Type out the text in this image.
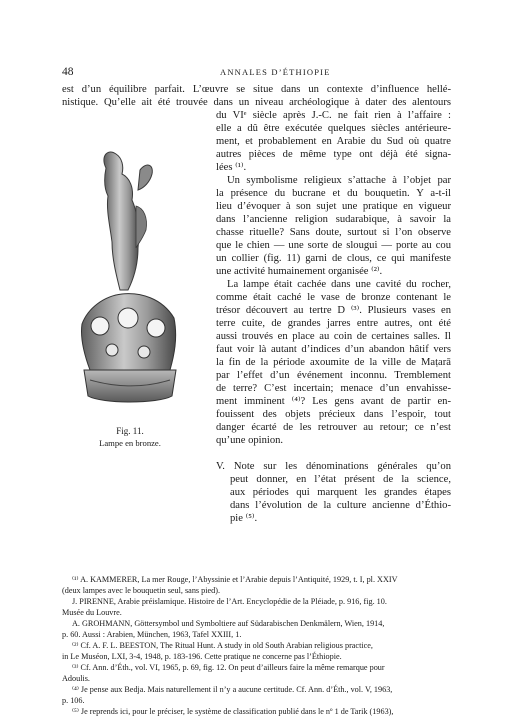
48	ANNALES D’ÉTHIOPIE
est d’un équilibre parfait. L’œuvre se situe dans un contexte d’influence hellé-
nistique. Qu’elle ait été trouvée dans un niveau archéologique à dater des alentours
du VIᵉ siècle après J.-C. ne fait rien à l’affaire :
elle a dû être exécutée quelques siècles antérieure-
ment, et probablement en Arabie du Sud où quatre
autres pièces de même type ont déjà été signa-
lées ⁽¹⁾.
Un symbolisme religieux s’attache à l’objet par
la présence du bucrane et du bouquetin. Y a-t-il
lieu d’évoquer à son sujet une pratique en vigueur
dans l’ancienne religion sudarabique, à savoir la
chasse rituelle? Sans doute, surtout si l’on observe
que le chien — une sorte de slougui — porte au cou
un collier (fig. 11) garni de clous, ce qui manifeste
une activité humainement organisée ⁽²⁾.
La lampe était cachée dans une cavité du rocher,
comme était caché le vase de bronze contenant le
trésor découvert au tertre D ⁽³⁾. Plusieurs vases en
terre cuite, de grandes jarres entre autres, ont été
aussi trouvés en place au coin de certaines salles. Il
faut voir là autant d’indices d’un abandon hâtif vers
la fin de la période axoumite de la ville de Maṭarā
par l’effet d’un événement inconnu. Tremblement
de terre? C’est incertain; menace d’un envahisse-
ment imminent ⁽⁴⁾? Les gens avant de partir en-
fouissent des objets précieux dans l’espoir, tout
danger écarté de les retrouver au retour; ce n’est
qu’une opinion.
V. Note sur les dénominations générales qu’on
peut donner, en l’état présent de la science,
aux périodes qui marquent les grandes étapes
dans l’évolution de la culture ancienne d’Éthio-
pie ⁽⁵⁾.
Fig. 11.
Lampe en bronze.
⁽¹⁾ A. KAMMERER, La mer Rouge, l’Abyssinie et l’Arabie depuis l’Antiquité, 1929, t. I, pl. XXIV
(deux lampes avec le bouquetin seul, sans pied).
J. PIRENNE, Arabie préislamique. Histoire de l’Art. Encyclopédie de la Pléiade, p. 916, fig. 10.
Musée du Louvre.
A. GROHMANN, Göttersymbol und Symboltiere auf Südarabischen Denkmälern, Wien, 1914,
p. 60. Aussi : Arabien, München, 1963, Tafel XXIII, 1.
⁽²⁾ Cf. A. F. L. BEESTON, The Ritual Hunt. A study in old South Arabian religious practice,
in Le Muséon, LXI, 3-4, 1948, p. 183-196. Cette pratique ne concerne pas l’Éthiopie.
⁽³⁾ Cf. Ann. d’Éth., vol. VI, 1965, p. 69, fig. 12. On peut d’ailleurs faire la même remarque pour
Adoulis.
⁽⁴⁾ Je pense aux Bedja. Mais naturellement il n’y a aucune certitude. Cf. Ann. d’Éth., vol. V, 1963,
p. 106.
⁽⁵⁾ Je reprends ici, pour le préciser, le système de classification publié dans le nº 1 de Tarik (1963),
